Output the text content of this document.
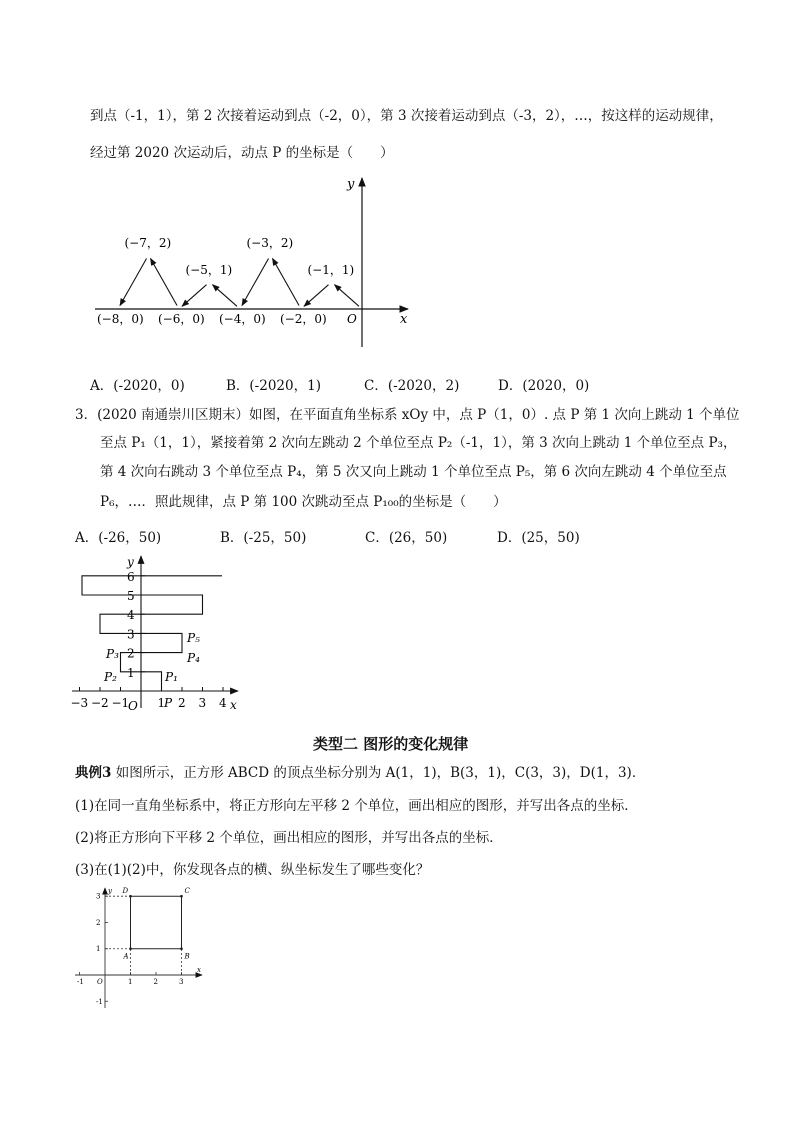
到点（-1，1），第 2 次接着运动到点（-2，0），第 3 次接着运动到点（-3，2），…，按这样的运动规律，
经过第 2020 次运动后，动点 P 的坐标是（　　）
x
y
O
(−1，1)
(−2，0)
(−3，2)
(−4，0)
(−5，1)
(−6，0)
(−7，2)
(−8，0)
A．(-2020，0)	B．(-2020，1)	C．(-2020，2)	D．(2020，0)
3．(2020 南通崇川区期末）如图，在平面直角坐标系 xOy 中，点 P（1，0）. 点 P 第 1 次向上跳动 1 个单位
至点 P₁（1，1），紧接着第 2 次向左跳动 2 个单位至点 P₂（-1，1），第 3 次向上跳动 1 个单位至点 P₃，
第 4 次向右跳动 3 个单位至点 P₄，第 5 次又向上跳动 1 个单位至点 P₅，第 6 次向左跳动 4 个单位至点
P₆，…．照此规律，点 P 第 100 次跳动至点 P₁₀₀的坐标是（　　）
A．(-26，50)	B．(-25，50)	C．(26，50)	D．(25，50)
x
y
O
−3 −2 −1 1 2 3 4
1
2
3
4
5
6
P
P₁
P₂
P₃	P₄
P₅
类型二 图形的变化规律
典例3 如图所示，正方形 ABCD 的顶点坐标分别为 A(1，1)，B(3，1)，C(3，3)，D(1，3)．
(1)在同一直角坐标系中，将正方形向左平移 2 个单位，画出相应的图形，并写出各点的坐标．
(2)将正方形向下平移 2 个单位，画出相应的图形，并写出各点的坐标．
(3)在(1)(2)中，你发现各点的横、纵坐标发生了哪些变化？
x
y
O
-1	1	2	3
3
2
1
-1
A	B
C
D
